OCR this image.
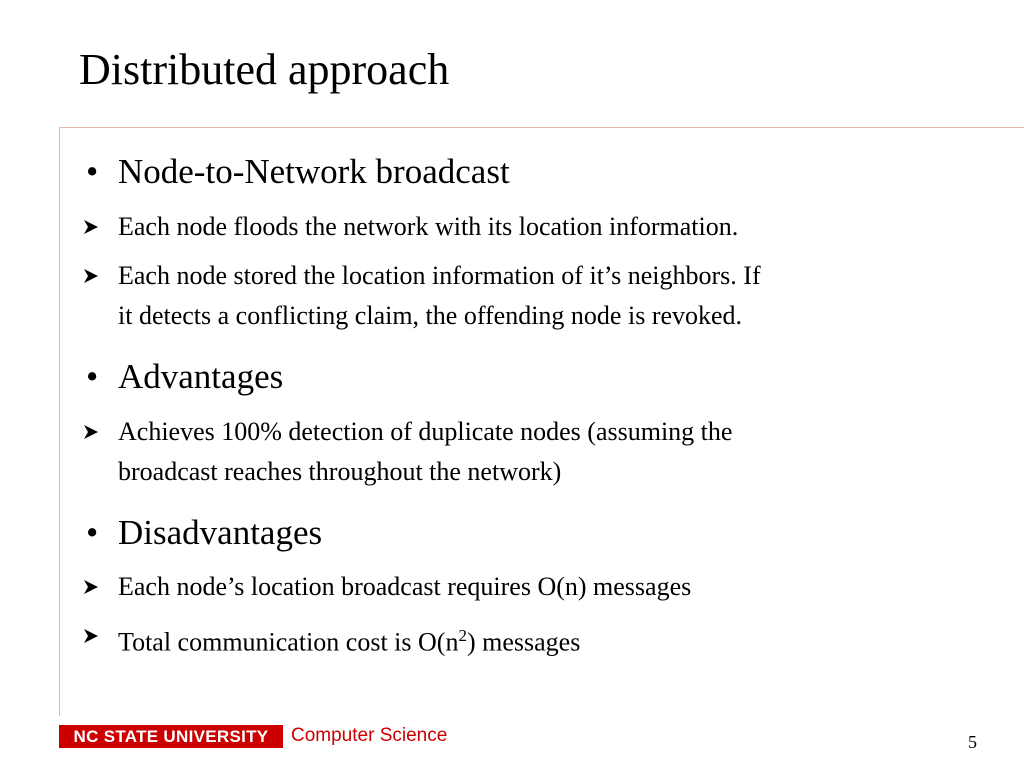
Distributed approach
• Node-to-Network broadcast
Each node floods the network with its location information.
Each node stored the location information of it’s neighbors. If
it detects a conflicting claim, the offending node is revoked.
• Advantages
Achieves 100% detection of duplicate nodes (assuming the
broadcast reaches throughout the network)
• Disadvantages
Each node’s location broadcast requires O(n) messages
Total communication cost is $O(n^2)$ messages
NC STATE UNIVERSITY Computer Science	5
